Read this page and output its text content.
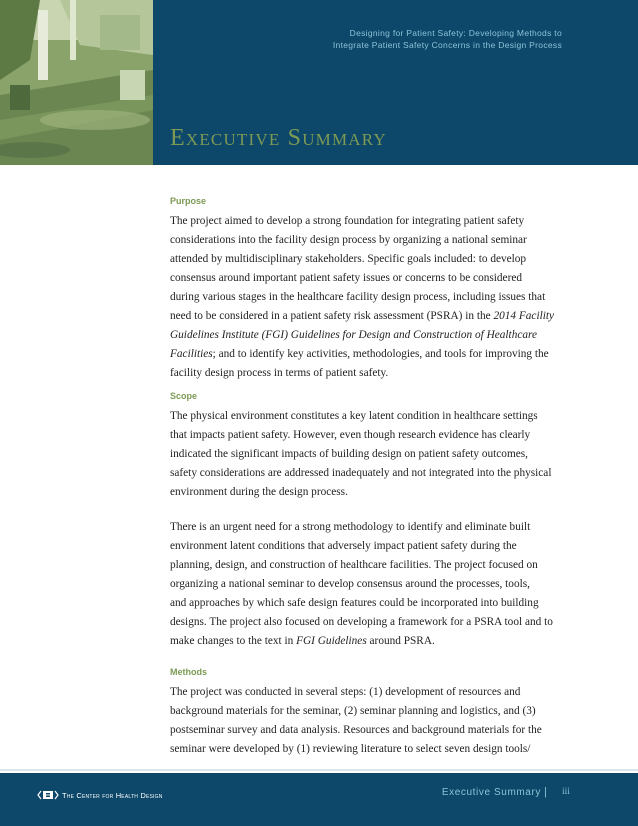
Designing for Patient Safety: Developing Methods to
Integrate Patient Safety Concerns in the Design Process
Executive Summary
Purpose

The project aimed to develop a strong foundation for integrating patient safety
considerations into the facility design process by organizing a national seminar
attended by multidisciplinary stakeholders. Specific goals included: to develop
consensus around important patient safety issues or concerns to be considered
during various stages in the healthcare facility design process, including issues that
need to be considered in a patient safety risk assessment (PSRA) in the 2014 Facility
Guidelines Institute (FGI) Guidelines for Design and Construction of Healthcare
Facilities; and to identify key activities, methodologies, and tools for improving the
facility design process in terms of patient safety.

Scope

The physical environment constitutes a key latent condition in healthcare settings
that impacts patient safety. However, even though research evidence has clearly
indicated the significant impacts of building design on patient safety outcomes,
safety considerations are addressed inadequately and not integrated into the physical
environment during the design process.

There is an urgent need for a strong methodology to identify and eliminate built
environment latent conditions that adversely impact patient safety during the
planning, design, and construction of healthcare facilities. The project focused on
organizing a national seminar to develop consensus around the processes, tools,
and approaches by which safe design features could be incorporated into building
designs. The project also focused on developing a framework for a PSRA tool and to
make changes to the text in FGI Guidelines around PSRA.

Methods

The project was conducted in several steps: (1) development of resources and
background materials for the seminar, (2) seminar planning and logistics, and (3)
postseminar survey and data analysis. Resources and background materials for the
seminar were developed by (1) reviewing literature to select seven design tools/

The Center for Health Design	Executive Summary | iii
